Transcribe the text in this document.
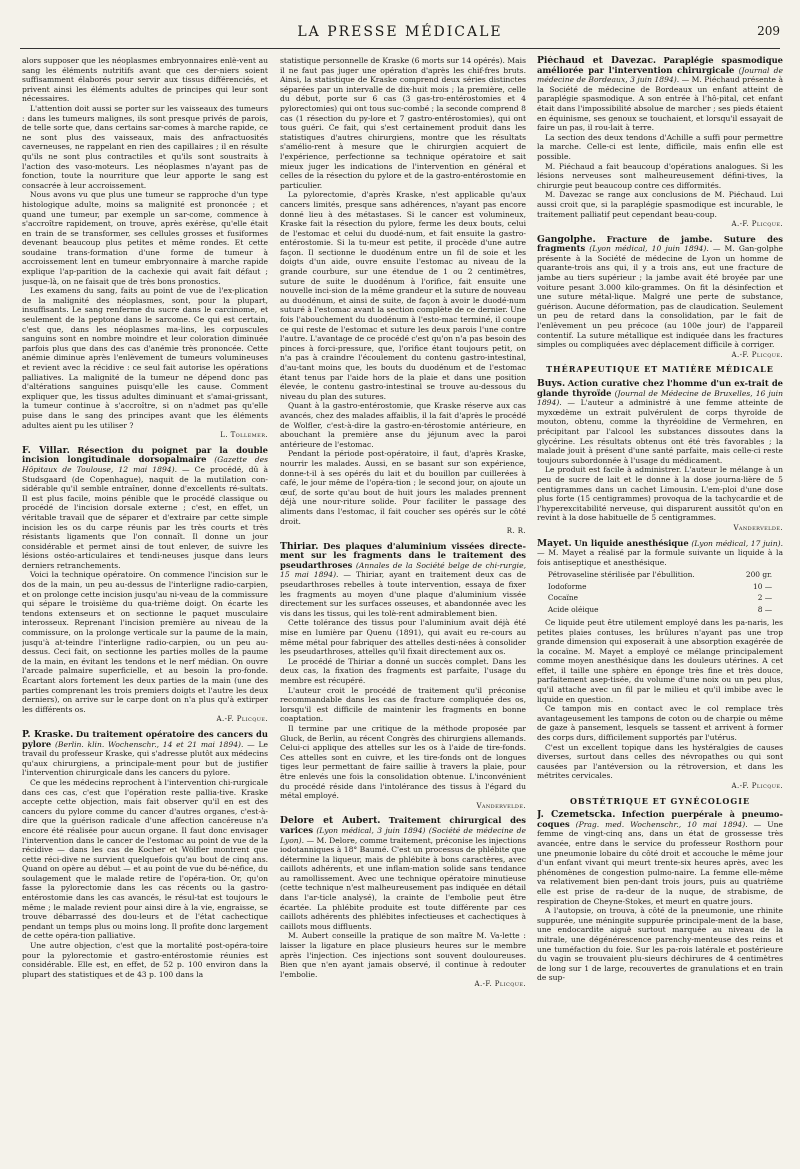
LA PRESSE MÉDICALE	209

alors supposer que les néoplasmes embryonnaires enlè-vent au sang les éléments nutritifs avant que ces der-niers soient suffisamment élaborés pour servir aux tissus différenciés, et privent ainsi les éléments adultes de principes qui leur sont nécessaires.

L'attention doit aussi se porter sur les vaisseaux des tumeurs : dans les tumeurs malignes, ils sont presque privés de parois, de telle sorte que, dans certains sar-comes à marche rapide, ce ne sont plus des vaisseaux, mais des anfractuosités caverneuses, ne rappelant en rien des capillaires ; il en résulte qu'ils ne sont plus contractiles et qu'ils sont soustraits à l'action des vaso-moteurs. Les néoplasmes n'ayant pas de fonction, toute la nourriture que leur apporte le sang est consacrée à leur accroissement.

Nous avons vu que plus une tumeur se rapproche d'un type histologique adulte, moins sa malignité est prononcée ; et quand une tumeur, par exemple un sar-come, commence à s'accroître rapidement, on trouve, après exérèse, qu'elle était en train de se transformer, ses cellules grosses et fusiformes devenant beaucoup plus petites et même rondes. Et cette soudaine trans-formation d'une forme de tumeur à accroissement lent en tumeur embryonnaire à marche rapide explique l'ap-parition de la cachexie qui avait fait défaut ; jusque-là, on ne faisait que de très bons pronostics.

Les examens du sang, faits au point de vue de l'ex-plication de la malignité des néoplasmes, sont, pour la plupart, insuffisants. Le sang renferme du sucre dans le carcinome, et seulement de la peptone dans le sarcome. Ce qui est certain, c'est que, dans les néoplasmes ma-lins, les corpuscules sanguins sont en nombre moindre et leur coloration diminuée parfois plus que dans des cas d'anémie très prononcée. Cette anémie diminue après l'enlèvement de tumeurs volumineuses et revient avec la récidive : ce seul fait autorise les opérations palliatives. La malignité de la tumeur ne dépend donc pas d'altérations sanguines puisqu'elle les cause. Comment expliquer que, les tissus adultes diminuant et s'amai-grissant, la tumeur continue à s'accroître, si on n'admet pas qu'elle puise dans le sang des principes avant que les éléments adultes aient pu les utiliser ?

L. Tollemer.

F. Villar. Résection du poignet par la double incision longitudinale dorsopalmaire (Gazette des Hôpitaux de Toulouse, 12 mai 1894). — Ce procédé, dû à Studsgaard (de Copenhague), naquit de la mutilation con-sidérable qu'il semble entraîner, donne d'excellents ré-sultats. Il est plus facile, moins pénible que le procédé classique ou procédé de l'incision dorsale externe ; c'est, en effet, un véritable travail que de séparer et d'extraire par cette simple incision les os du carpe réunis par les très courts et très résistants ligaments que l'on connaît. Il donne un jour considérable et permet ainsi de tout enlever, de suivre les lésions ostéo-articulaires et tendi-neuses jusque dans leurs derniers retranchements.

Voici la technique opératoire. On commence l'incision sur le dos de la main, un peu au-dessus de l'interligne radio-carpien, et on prolonge cette incision jusqu'au ni-veau de la commissure qui sépare le troisième du qua-trième doigt. On écarte les tendons extenseurs et on sectionne le paquet musculaire interosseux. Reprenant l'incision première au niveau de la commissure, on la prolonge verticale sur la paume de la main, jusqu'à at-teindre l'interligne radio-carpien, ou un peu au-dessus. Ceci fait, on sectionne les parties molles de la paume de la main, en évitant les tendons et le nerf médian. On ouvre l'arcade palmaire superficielle, et au besoin la pro-fonde. Écartant alors fortement les deux parties de la main (une des parties comprenant les trois premiers doigts et l'autre les deux derniers), on arrive sur le carpe dont on n'a plus qu'à extirper les différents os.

A.-F. Plicque.

P. Kraske. Du traitement opératoire des cancers du pylore (Berlin. klin. Wochenschr., 14 et 21 mai 1894). — Le travail du professeur Kraske, qui s'adresse plutôt aux médecins qu'aux chirurgiens, a principale-ment pour but de justifier l'intervention chirurgicale dans les cancers du pylore.

Ce que les médecins reprochent à l'intervention chi-rurgicale dans ces cas, c'est que l'opération reste pallia-tive. Kraske accepte cette objection, mais fait observer qu'il en est des cancers du pylore comme du cancer d'autres organes, c'est-à-dire que la guérison radicale d'une affection cancéreuse n'a encore été réalisée pour aucun organe. Il faut donc envisager l'intervention dans le cancer de l'estomac au point de vue de la récidive — dans les cas de Kocher et Wölfler montrent que cette réci-dive ne survient quelquefois qu'au bout de cinq ans. Quand on opère au début — et au point de vue du bé-néfice, du soulagement que le malade retire de l'opéra-tion. Or, qu'on fasse la pylorectomie dans les cas récents ou la gastro-entérostomie dans les cas avancés, le résul-tat est toujours le même ; le malade revient pour ainsi dire à la vie, engraisse, se trouve débarrassé des dou-leurs et de l'état cachectique pendant un temps plus ou moins long. Il profite donc largement de cette opéra-tion palliative.

Une autre objection, c'est que la mortalité post-opéra-toire pour la pylorectomie et gastro-entérostomie réunies est considérable. Elle est, en effet, de 52 p. 100 environ dans la plupart des statistiques et de 43 p. 100 dans la

statistique personnelle de Kraske (6 morts sur 14 opérés). Mais il ne faut pas juger une opération d'après les chif-fres bruts. Ainsi, la statistique de Kraske comprend deux séries distinctes séparées par un intervalle de dix-huit mois ; la première, celle du début, porte sur 6 cas (3 gas-tro-entérostomies et 4 pylorectomies) qui ont tous suc-combé ; la seconde comprend 8 cas (1 résection du py-lore et 7 gastro-entérostomies), qui ont tous guéri. Ce fait, qui s'est certainement produit dans les statistiques d'autres chirurgiens, montre que les résultats s'amélio-rent à mesure que le chirurgien acquiert de l'expérience, perfectionne sa technique opératoire et sait mieux juger les indications de l'intervention en général et celles de la résection du pylore et de la gastro-entérostomie en particulier.

La pylorectomie, d'après Kraske, n'est applicable qu'aux cancers limités, presque sans adhérences, n'ayant pas encore donné lieu à des métastases. Si le cancer est volumineux, Kraske fait la résection du pylore, ferme les deux bouts, celui de l'estomac et celui du duodé-num, et fait ensuite la gastro-entérostomie. Si la tu-meur est petite, il procède d'une autre façon. Il sectionne le duodénum entre un fil de soie et les doigts d'un aide, ouvre ensuite l'estomac au niveau de la grande courbure, sur une étendue de 1 ou 2 centimètres, suture de suite le duodénum à l'orifice, fait ensuite une nouvelle inci-sion de la même grandeur et la suture de nouveau au duodénum, et ainsi de suite, de façon à avoir le duodé-num suturé à l'estomac avant la section complète de ce dernier. Une fois l'abouchement du duodénum à l'esto-mac terminé, il coupe ce qui reste de l'estomac et suture les deux parois l'une contre l'autre. L'avantage de ce procédé c'est qu'on n'a pas besoin des pinces à forci-pressure, que, l'orifice étant toujours petit, on n'a pas à craindre l'écoulement du contenu gastro-intestinal, d'au-tant moins que, les bouts du duodénum et de l'estomac étant tenus par l'aide hors de la plaie et dans une position élevée, le contenu gastro-intestinal se trouve au-dessous du niveau du plan des sutures.

Quant à la gastro-entérostomie, que Kraske réserve aux cas avancés, chez des malades affaiblis, il la fait d'après le procédé de Wolfler, c'est-à-dire la gastro-en-térostomie antérieure, en abouchant la première anse du jéjunum avec la paroi antérieure de l'estomac.

Pendant la période post-opératoire, il faut, d'après Kraske, nourrir les malades. Aussi, en se basant sur son expérience, donne-t-il à ses opérés du lait et du bouillon par cuillerées à café, le jour même de l'opéra-tion ; le second jour, on ajoute un œuf, de sorte qu'au bout de huit jours les malades prennent déjà une nour-riture solide. Pour faciliter le passage des aliments dans l'estomac, il fait coucher ses opérés sur le côté droit.

R. R.

Thiriar. Des plaques d'aluminium vissées directe-ment sur les fragments dans le traitement des pseudarthroses (Annales de la Société belge de chi-rurgie, 15 mai 1894). — Thiriar, ayant en traitement deux cas de pseudarthroses rebelles à toute intervention, essaya de fixer les fragments au moyen d'une plaque d'aluminium vissée directement sur les surfaces osseuses, et abandonnée avec les vis dans les tissus, qui les tolè-rent admirablement bien.

Cette tolérance des tissus pour l'aluminium avait déjà été mise en lumière par Quenu (1891), qui avait eu re-cours au même métal pour fabriquer des attelles desti-nées à consolider les pseudarthroses, attelles qu'il fixait directement aux os.

Le procédé de Thiriar a donné un succès complet. Dans les deux cas, la fixation des fragments est parfaite, l'usage du membre est récupéré.

L'auteur croit le procédé de traitement qu'il préconise recommandable dans les cas de fracture compliquée des os, lorsqu'il est difficile de maintenir les fragments en bonne coaptation.

Il termine par une critique de la méthode proposée par Gluck, de Berlin, au récent Congrès des chirurgiens allemands. Celui-ci applique des attelles sur les os à l'aide de tire-fonds. Ces attelles sont en cuivre, et les tire-fonds ont de longues tiges leur permettant de faire saillie à travers la plaie, pour être enlevés une fois la consolidation obtenue. L'inconvénient du procédé réside dans l'intolérance des tissus à l'égard du métal employé.

Vandervelde.

Delore et Aubert. Traitement chirurgical des varices (Lyon médical, 3 juin 1894) (Société de médecine de Lyon). — M. Delore, comme traitement, préconise les injections iodotanniques à 18° Baumé. C'est un processus de phlébite que détermine la liqueur, mais de phlébite à bons caractères, avec caillots adhérents, et une inflam-mation solide sans tendance au ramollissement. Avec une technique opératoire minutieuse (cette technique n'est malheureusement pas indiquée en détail dans l'ar-ticle analysé), la crainte de l'embolie peut être écartée. La phlébite produite est toute différente par ces caillots adhérents des phlébites infectieuses et cachectiques à caillots mous diffluents.

M. Aubert conseille la pratique de son maître M. Va-lette : laisser la ligature en place plusieurs heures sur le membre après l'injection. Ces injections sont souvent douloureuses. Bien que n'en ayant jamais observé, il continue à redouter l'embolie.

A.-F. Plicque.

Piéchaud et Davezac. Paraplégie spasmodique améliorée par l'intervention chirurgicale (Journal de médecine de Bordeaux, 3 juin 1894). — M. Piéchaud présente à la Société de médecine de Bordeaux un enfant atteint de paraplégie spasmodique. A son entrée à l'hô-pital, cet enfant était dans l'impossibilité absolue de marcher ; ses pieds étaient en équinisme, ses genoux se touchaient, et lorsqu'il essayait de faire un pas, il rou-lait à terre.

La section des deux tendons d'Achille a suffi pour permettre la marche. Celle-ci est lente, difficile, mais enfin elle est possible.

M. Piéchaud a fait beaucoup d'opérations analogues. Si les lésions nerveuses sont malheureusement défini-tives, la chirurgie peut beaucoup contre ces difformités.

M. Davezac se range aux conclusions de M. Piéchaud. Lui aussi croit que, si la paraplégie spasmodique est incurable, le traitement palliatif peut cependant beau-coup.

A.-F. Plicque.

Gangolphe. Fracture de jambe. Suture des fragments (Lyon médical, 10 juin 1894). — M. Gan-golphe présente à la Société de médecine de Lyon un homme de quarante-trois ans qui, il y a trois ans, eut une fracture de jambe au tiers supérieur ; la jambe avait été broyée par une voiture pesant 3.000 kilo-grammes. On fit la désinfection et une suture métal-lique. Malgré une perte de substance, guérison. Aucune déformation, pas de claudication. Seulement un peu de retard dans la consolidation, par le fait de l'enlèvement un peu précoce (au 100e jour) de l'appareil contentif. La suture métallique est indiquée dans les fractures simples ou compliquées avec déplacement difficile à corriger.

A.-F. Plicque.
THÉRAPEUTIQUE ET MATIÈRE MÉDICALE

Buys. Action curative chez l'homme d'un ex-trait de glande thyroïde (Journal de Médecine de Bruxelles, 16 juin 1894). — L'auteur a administré à une femme atteinte de myxœdème un extrait pulvérulent de corps thyroïde de mouton, obtenu, comme la thyréoïdine de Vermehren, en précipitant par l'alcool les substances dissoutes dans la glycérine. Les résultats obtenus ont été très favorables ; la malade jouit à présent d'une santé parfaite, mais celle-ci reste toujours subordonnée à l'usage du médicament.

Le produit est facile à administrer. L'auteur le mélange à un peu de sucre de lait et le donne à la dose journa-lière de 5 centigrammes dans un cachet Limousin. L'em-ploi d'une dose plus forte (15 centigrammes) provoqua de la tachycardie et de l'hyperexcitabilité nerveuse, qui disparurent aussitôt qu'on en revint à la dose habituelle de 5 centigrammes.

Vandervelde.

Mayet. Un liquide anesthésique (Lyon médical, 17 juin). — M. Mayet a réalisé par la formule suivante un liquide à la fois antiseptique et anesthésique.

Pétrovaseline stérilisée par l'ébullition.	200 gr.
Iodoforme	10 —
Cocaïne	2 —
Acide oléique	8 —

Ce liquide peut être utilement employé dans les pa-naris, les petites plaies contuses, les brûlures n'ayant pas une trop grande dimension qui exposerait à une absorption exagérée de la cocaïne. M. Mayet a employé ce mélange principalement comme moyen anesthésique dans les douleurs utérines. A cet effet, il taille une sphère en éponge très fine et très douce, parfaitement asep-tisée, du volume d'une noix ou un peu plus, qu'il attache avec un fil par le milieu et qu'il imbibe avec le liquide en question.

Ce tampon mis en contact avec le col remplace très avantageusement les tampons de coton ou de charpie ou même de gaze à pansement, lesquels se tassent et arrivent à former des corps durs, difficilement supportés par l'utérus.

C'est un excellent topique dans les hystéralgies de causes diverses, surtout dans celles des névropathes ou qui sont causées par l'antéversion ou la rétroversion, et dans les métrites cervicales.

A.-F. Plicque.
OBSTÉTRIQUE ET GYNÉCOLOGIE

J. Czemetscka. Infection puerpérale à pneumo-coques (Prag. med. Wochenschr., 10 mai 1894). — Une femme de vingt-cinq ans, dans un état de grossesse très avancée, entre dans le service du professeur Rosthorn pour une pneumonie lobaire du côté droit et accouche le même jour d'un enfant vivant qui meurt trente-six heures après, avec les phénomènes de congestion pulmo-naire. La femme elle-même va relativement bien pen-dant trois jours, puis au quatrième elle est prise de ra-deur de la nuque, de strabisme, de respiration de Cheyne-Stokes, et meurt en quatre jours.

A l'autopsie, on trouva, à côté de la pneumonie, une rhinite suppurée, une méningite suppurée principale-ment de la base, une endocardite aiguë surtout marquée au niveau de la mitrale, une dégénérescence parenchy-menteuse des reins et une tuméfaction du foie. Sur les pa-rois latérale et postérieure du vagin se trouvaient plu-sieurs déchirures de 4 centimètres de long sur 1 de large, recouvertes de granulations et en train de sup-
